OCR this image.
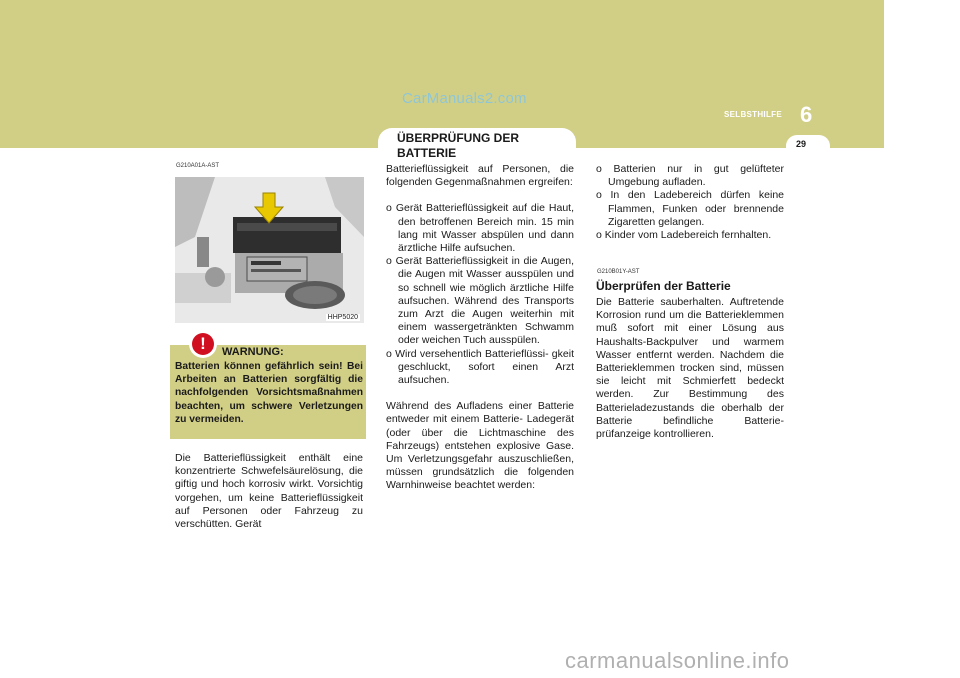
CarManuals2.com
SELBSTHILFE 6
29
ÜBERPRÜFUNG DER BATTERIE
G210A01A-AST
HHP5020
!	WARNUNG:
Batterien können gefährlich sein! Bei Arbeiten an Batterien sorgfältig die nachfolgenden Vorsichtsmaßnahmen beachten, um schwere Verletzungen zu vermeiden.

Die Batterieflüssigkeit enthält eine konzentrierte Schwefelsäurelösung, die giftig und hoch korrosiv wirkt. Vorsichtig vorgehen, um keine Batterieflüssigkeit auf Personen oder Fahrzeug zu verschütten. Gerät

Batterieflüssigkeit auf Personen, die folgenden Gegenmaßnahmen ergreifen:

o Gerät Batterieflüssigkeit auf die Haut, den betroffenen Bereich min. 15 min lang mit Wasser abspülen und dann ärztliche Hilfe aufsuchen.
o Gerät Batterieflüssigkeit in die Augen, die Augen mit Wasser ausspülen und so schnell wie möglich ärztliche Hilfe aufsuchen. Während des Transports zum Arzt die Augen weiterhin mit einem wassergetränkten Schwamm oder weichen Tuch ausspülen.
o Wird versehentlich Batterieflüssi- gkeit geschluckt, sofort einen Arzt aufsuchen.

Während des Aufladens einer Batterie entweder mit einem Batterie- Ladegerät (oder über die Lichtmaschine des Fahrzeugs) entstehen explosive Gase. Um Verletzungsgefahr auszuschließen, müssen grundsätzlich die folgenden Warnhinweise beachtet werden:

o Batterien nur in gut gelüfteter Umgebung aufladen.
o In den Ladebereich dürfen keine Flammen, Funken oder brennende Zigaretten gelangen.
o Kinder vom Ladebereich fernhalten.
G210B01Y-AST
Überprüfen der Batterie

Die Batterie sauberhalten. Auftretende Korrosion rund um die Batterieklemmen muß sofort mit einer Lösung aus Haushalts-Backpulver und warmem Wasser entfernt werden. Nachdem die Batterieklemmen trocken sind, müssen sie leicht mit Schmierfett bedeckt werden. Zur Bestimmung des Batterieladezustands die oberhalb der Batterie befindliche Batterie- prüfanzeige kontrollieren.

carmanualsonline.info
